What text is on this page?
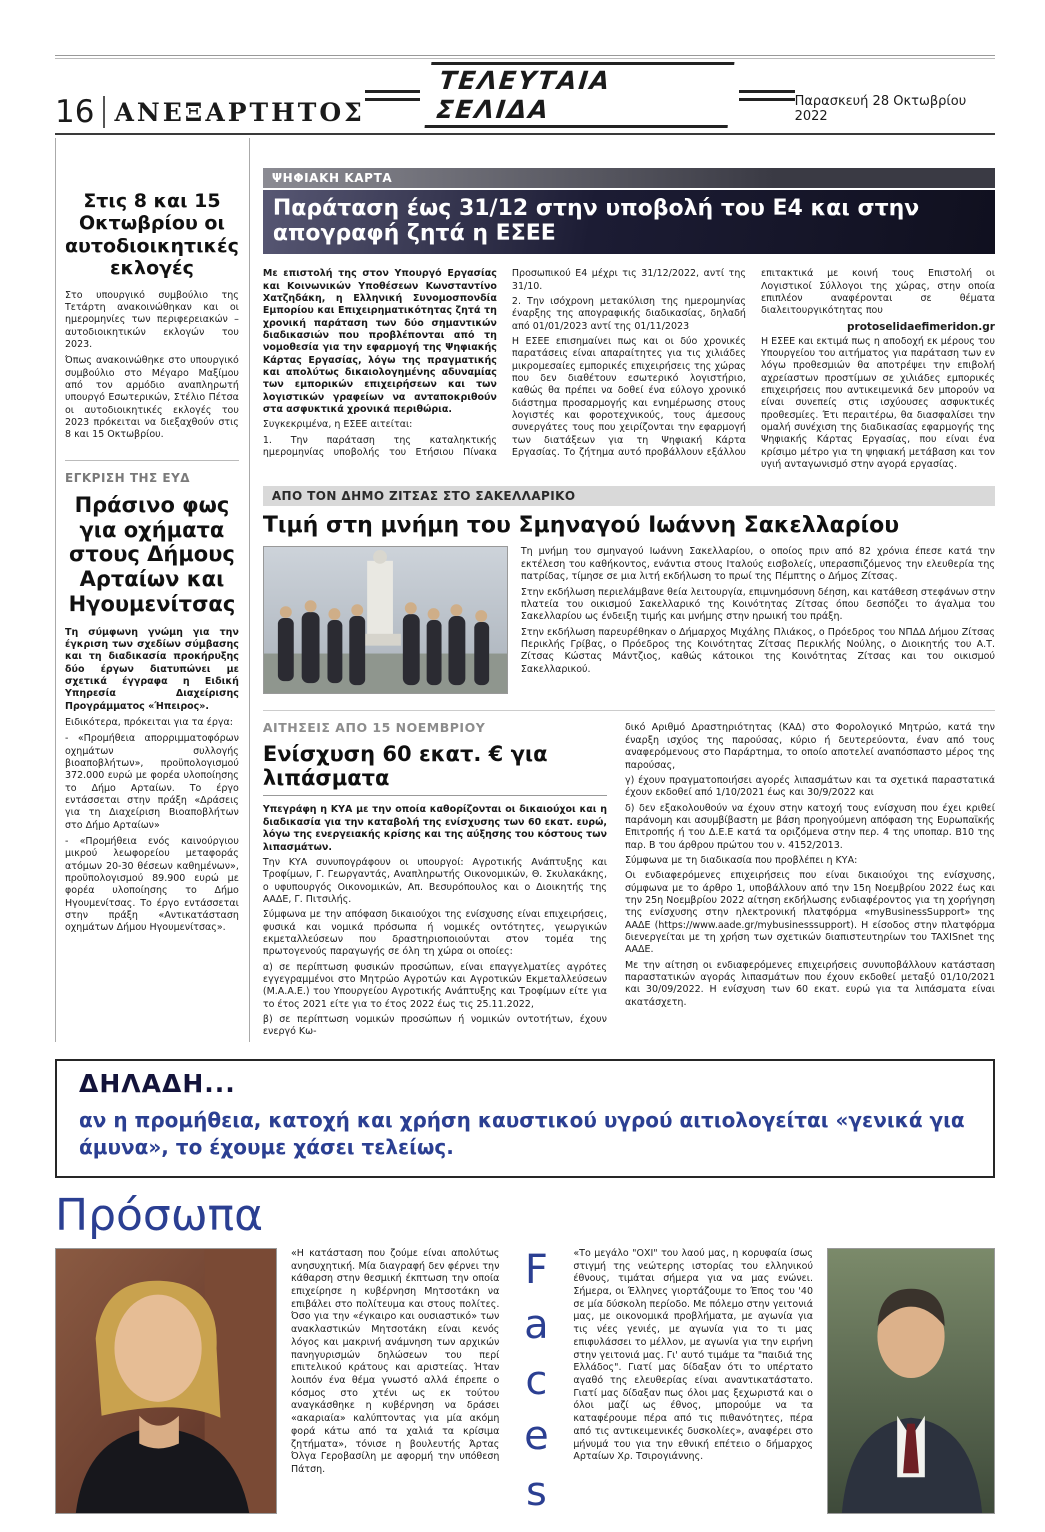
16 ΑΝΕΞΑΡΤΗΤΟΣ
ΤΕΛΕΥΤΑΙΑ ΣΕΛΙΔΑ	Παρασκευή 28 Οκτωβρίου 2022
Στις 8 και 15 Οκτωβρίου οι αυτοδιοικητικές εκλογές

Στο υπουργικό συμβούλιο της Τετάρτη ανακοινώθηκαν και οι ημερομηνίες των περιφερειακών – αυτοδιοικητικών εκλογών του 2023.

Όπως ανακοινώθηκε στο υπουργικό συμβούλιο στο Μέγαρο Μαξίμου από τον αρμόδιο αναπληρωτή υπουργό Εσωτερικών, Στέλιο Πέτσα οι αυτοδιοικητικές εκλογές του 2023 πρόκειται να διεξαχθούν στις 8 και 15 Οκτωβρίου.

ΕΓΚΡΙΣΗ ΤΗΣ ΕΥΔ
Πράσινο φως για οχήματα στους Δήμους Αρταίων και Ηγουμενίτσας

Τη σύμφωνη γνώμη για την έγκριση των σχεδίων σύμβασης και τη διαδικασία προκήρυξης δύο έργων διατυπώνει με σχετικά έγγραφα η Ειδική Υπηρεσία Διαχείρισης Προγράμματος «Ήπειρος».

Ειδικότερα, πρόκειται για τα έργα:

- «Προμήθεια απορριμματοφόρων οχημάτων συλλογής βιοαποβλήτων», προϋπολογισμού 372.000 ευρώ με φορέα υλοποίησης το Δήμο Αρταίων. Το έργο εντάσσεται στην πράξη «Δράσεις για τη Διαχείριση Βιοαποβλήτων στο Δήμο Αρταίων»

- «Προμήθεια ενός καινούργιου μικρού λεωφορείου μεταφοράς ατόμων 20-30 θέσεων καθημένων», προϋπολογισμού 89.900 ευρώ με φορέα υλοποίησης το Δήμο Ηγουμενίτσας. Το έργο εντάσσεται στην πράξη «Αντικατάσταση οχημάτων Δήμου Ηγουμενίτσας».

ΨΗΦΙΑΚΗ ΚΑΡΤΑ
Παράταση έως 31/12 στην υποβολή του Ε4 και στην απογραφή ζητά η ΕΣΕΕ

Με επιστολή της στον Υπουργό Εργασίας και Κοινωνικών Υποθέσεων Κωνσταντίνο Χατζηδάκη, η Ελληνική Συνομοσπονδία Εμπορίου και Επιχειρηματικότητας ζητά τη χρονική παράταση των δύο σημαντικών διαδικασιών που προβλέπονται από τη νομοθεσία για την εφαρμογή της Ψηφιακής Κάρτας Εργασίας, λόγω της πραγματικής και απολύτως δικαιολογημένης αδυναμίας των εμπορικών επιχειρήσεων και των λογιστικών γραφείων να ανταποκριθούν στα ασφυκτικά χρονικά περιθώρια.

Συγκεκριμένα, η ΕΣΕΕ αιτείται:

1. Την παράταση της καταληκτικής ημερομηνίας υποβολής του Ετήσιου Πίνακα Προσωπικού Ε4 μέχρι τις 31/12/2022, αντί της 31/10.

2. Την ισόχρονη μετακύλιση της ημερομηνίας έναρξης της απογραφικής διαδικασίας, δηλαδή από 01/01/2023 αντί της 01/11/2023

Η ΕΣΕΕ επισημαίνει πως και οι δύο χρονικές παρατάσεις είναι απαραίτητες για τις χιλιάδες μικρομεσαίες εμπορικές επιχειρήσεις της χώρας που δεν διαθέτουν εσωτερικό λογιστήριο, καθώς θα πρέπει να δοθεί ένα εύλογο χρονικό διάστημα προσαρμογής και ενημέρωσης στους λογιστές και φοροτεχνικούς, τους άμεσους συνεργάτες τους που χειρίζονται την εφαρμογή των διατάξεων για τη Ψηφιακή Κάρτα Εργασίας. Το ζήτημα αυτό προβάλλουν εξάλλου επιτακτικά με κοινή τους Επιστολή οι Λογιστικοί Σύλλογοι της χώρας, στην οποία επιπλέον αναφέρονται σε θέματα διαλειτουργικότητας που

protoselidaefimeridon.gr

Η ΕΣΕΕ και εκτιμά πως η αποδοχή εκ μέρους του Υπουργείου του αιτήματος για παράταση των εν λόγω προθεσμιών θα αποτρέψει την επιβολή αχρείαστων προστίμων σε χιλιάδες εμπορικές επιχειρήσεις που αντικειμενικά δεν μπορούν να είναι συνεπείς στις ισχύουσες ασφυκτικές προθεσμίες. Έτι περαιτέρω, θα διασφαλίσει την ομαλή συνέχιση της διαδικασίας εφαρμογής της Ψηφιακής Κάρτας Εργασίας, που είναι ένα κρίσιμο μέτρο για τη ψηφιακή μετάβαση και τον υγιή ανταγωνισμό στην αγορά εργασίας.

ΑΠΟ ΤΟΝ ΔΗΜΟ ΖΙΤΣΑΣ ΣΤΟ ΣΑΚΕΛΛΑΡΙΚΟ
Τιμή στη μνήμη του Σμηναγού Ιωάννη Σακελλαρίου

Τη μνήμη του σμηναγού Ιωάννη Σακελλαρίου, ο οποίος πριν από 82 χρόνια έπεσε κατά την εκτέλεση του καθήκοντος, ενάντια στους Ιταλούς εισβολείς, υπερασπιζόμενος την ελευθερία της πατρίδας, τίμησε σε μια λιτή εκδήλωση το πρωί της Πέμπτης ο Δήμος Ζίτσας.

Στην εκδήλωση περιελάμβανε θεία λειτουργία, επιμνημόσυνη δέηση, και κατάθεση στεφάνων στην πλατεία του οικισμού Σακελλαρικό της Κοινότητας Ζίτσας όπου δεσπόζει το άγαλμα του Σακελλαρίου ως ένδειξη τιμής και μνήμης στην ηρωική του πράξη.

Στην εκδήλωση παρευρέθηκαν ο Δήμαρχος Μιχάλης Πλιάκος, ο Πρόεδρος του ΝΠΔΔ Δήμου Ζίτσας Περικλής Γρίβας, ο Πρόεδρος της Κοινότητας Ζίτσας Περικλής Νούλης, ο Διοικητής του Α.Τ. Ζίτσας Κώστας Μάντζιος, καθώς κάτοικοι της Κοινότητας Ζίτσας και του οικισμού Σακελλαρικού.

ΑΙΤΗΣΕΙΣ ΑΠΟ 15 ΝΟΕΜΒΡΙΟΥ
Ενίσχυση 60 εκατ. € για λιπάσματα

Υπεγράφη η ΚΥΑ με την οποία καθορίζονται οι δικαιούχοι και η διαδικασία για την καταβολή της ενίσχυσης των 60 εκατ. ευρώ, λόγω της ενεργειακής κρίσης και της αύξησης του κόστους των λιπασμάτων.

Την ΚΥΑ συνυπογράφουν οι υπουργοί: Αγροτικής Ανάπτυξης και Τροφίμων, Γ. Γεωργαντάς, Αναπληρωτής Οικονομικών, Θ. Σκυλακάκης, ο υφυπουργός Οικονομικών, Απ. Βεσυρόπουλος και ο Διοικητής της ΑΑΔΕ, Γ. Πιτσιλής.

Σύμφωνα με την απόφαση δικαιούχοι της ενίσχυσης είναι επιχειρήσεις, φυσικά και νομικά πρόσωπα ή νομικές οντότητες, γεωργικών εκμεταλλεύσεων που δραστηριοποιούνται στον τομέα της πρωτογενούς παραγωγής σε όλη τη χώρα οι οποίες:

α) σε περίπτωση φυσικών προσώπων, είναι επαγγελματίες αγρότες εγγεγραμμένοι στο Μητρώο Αγροτών και Αγροτικών Εκμεταλλεύσεων (Μ.Α.Α.Ε.) του Υπουργείου Αγροτικής Ανάπτυξης και Τροφίμων είτε για το έτος 2021 είτε για το έτος 2022 έως τις 25.11.2022,

β) σε περίπτωση νομικών προσώπων ή νομικών οντοτήτων, έχουν ενεργό Κω-

δικό Αριθμό Δραστηριότητας (ΚΑΔ) στο Φορολογικό Μητρώο, κατά την έναρξη ισχύος της παρούσας, κύριο ή δευτερεύοντα, έναν από τους αναφερόμενους στο Παράρτημα, το οποίο αποτελεί αναπόσπαστο μέρος της παρούσας,

γ) έχουν πραγματοποιήσει αγορές λιπασμάτων και τα σχετικά παραστατικά έχουν εκδοθεί από 1/10/2021 έως και 30/9/2022 και

δ) δεν εξακολουθούν να έχουν στην κατοχή τους ενίσχυση που έχει κριθεί παράνομη και ασυμβίβαστη με βάση προηγούμενη απόφαση της Ευρωπαϊκής Επιτροπής ή του Δ.Ε.Ε κατά τα οριζόμενα στην περ. 4 της υποπαρ. Β10 της παρ. Β του άρθρου πρώτου του ν. 4152/2013.

Σύμφωνα με τη διαδικασία που προβλέπει η ΚΥΑ:

Οι ενδιαφερόμενες επιχειρήσεις που είναι δικαιούχοι της ενίσχυσης, σύμφωνα με το άρθρο 1, υποβάλλουν από την 15η Νοεμβρίου 2022 έως και την 25η Νοεμβρίου 2022 αίτηση εκδήλωσης ενδιαφέροντος για τη χορήγηση της ενίσχυσης στην ηλεκτρονική πλατφόρμα «myBusinessSupport» της ΑΑΔΕ (https://www.aade.gr/mybusinesssupport). Η είσοδος στην πλατφόρμα διενεργείται με τη χρήση των σχετικών διαπιστευτηρίων του TAXISnet της ΑΑΔΕ.

Με την αίτηση οι ενδιαφερόμενες επιχειρήσεις συνυποβάλλουν κατάσταση παραστατικών αγοράς λιπασμάτων που έχουν εκδοθεί μεταξύ 01/10/2021 και 30/09/2022. Η ενίσχυση των 60 εκατ. ευρώ για τα λιπάσματα είναι ακατάσχετη.

ΔΗΛΑΔΗ...
αν η προμήθεια, κατοχή και χρήση καυστικού υγρού αιτιολογείται «γενικά για άμυνα», το έχουμε χάσει τελείως.
Πρόσωπα
«Η κατάσταση που ζούμε είναι απολύτως ανησυχητική. Μία διαγραφή δεν φέρνει την κάθαρση στην θεσμική έκπτωση την οποία επιχείρησε η κυβέρνηση Μητσοτάκη να επιβάλει στο πολίτευμα και στους πολίτες. Όσο για την «έγκαιρο και ουσιαστικό» των ανακλαστικών Μητσοτάκη είναι κενός λόγος και μακρινή ανάμνηση των αρχικών πανηγυρισμών δηλώσεων του περί επιτελικού κράτους και αριστείας. Ήταν λοιπόν ένα θέμα γνωστό αλλά έπρεπε ο κόσμος στο χτένι ως εκ τούτου αναγκάσθηκε η κυβέρνηση να δράσει «ακαριαία» καλύπτοντας για μία ακόμη φορά κάτω από τα χαλιά τα κρίσιμα ζητήματα», τόνισε η βουλευτής Άρτας Όλγα Γεροβασίλη με αφορμή την υπόθεση Πάτση.
F
a
c
e
s
«Το μεγάλο "ΟΧΙ" του λαού μας, η κορυφαία ίσως στιγμή της νεώτερης ιστορίας του ελληνικού έθνους, τιμάται σήμερα για να μας ενώνει. Σήμερα, οι Έλληνες γιορτάζουμε το Έπος του '40 σε μία δύσκολη περίοδο. Με πόλεμο στην γειτονιά μας, με οικονομικά προβλήματα, με αγωνία για τις νέες γενιές, με αγωνία για το τι μας επιφυλάσσει το μέλλον, με αγωνία για την ειρήνη στην γειτονιά μας. Γι' αυτό τιμάμε τα "παιδιά της Ελλάδος". Γιατί μας δίδαξαν ότι το υπέρτατο αγαθό της ελευθερίας είναι αναντικατάστατο. Γιατί μας δίδαξαν πως όλοι μας ξεχωριστά και ο όλοι μαζί ως έθνος, μπορούμε να τα καταφέρουμε πέρα από τις πιθανότητες, πέρα από τις αντικειμενικές δυσκολίες», αναφέρει στο μήνυμά του για την εθνική επέτειο ο δήμαρχος Αρταίων Χρ. Τσιρογιάννης.
